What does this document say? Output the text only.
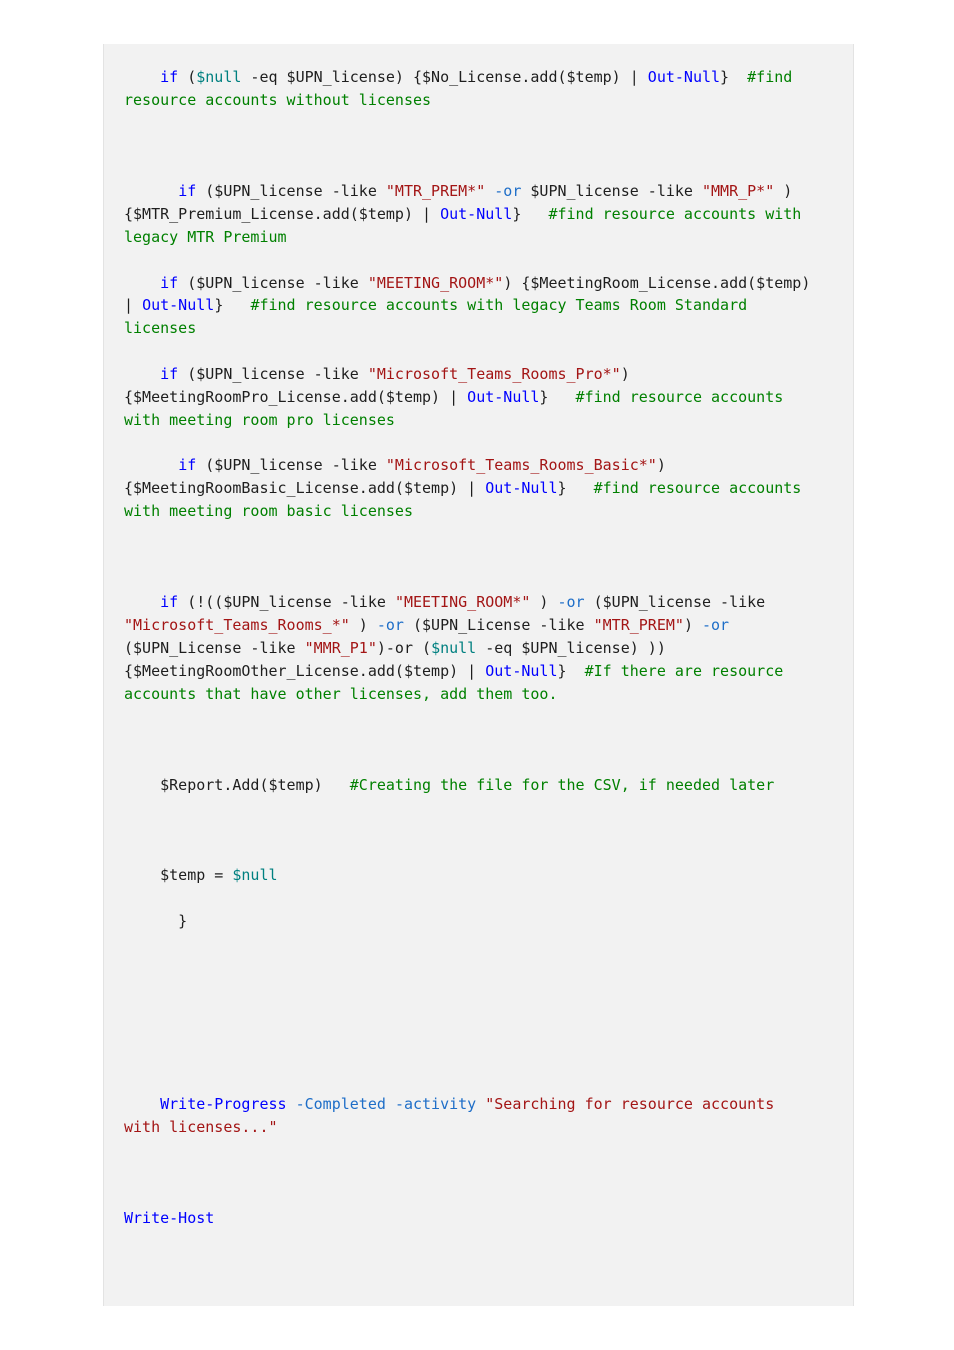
if ($null -eq $UPN_license) {$No_License.add($temp) | Out-Null}  #find
resource accounts without licenses
if ($UPN_license -like "MTR_PREM*" -or $UPN_license -like "MMR_P*" )
{$MTR_Premium_License.add($temp) | Out-Null}   #find resource accounts with
legacy MTR Premium
if ($UPN_license -like "MEETING_ROOM*") {$MeetingRoom_License.add($temp)
| Out-Null}   #find resource accounts with legacy Teams Room Standard
licenses
if ($UPN_license -like "Microsoft_Teams_Rooms_Pro*")
{$MeetingRoomPro_License.add($temp) | Out-Null}   #find resource accounts
with meeting room pro licenses
if ($UPN_license -like "Microsoft_Teams_Rooms_Basic*")
{$MeetingRoomBasic_License.add($temp) | Out-Null}   #find resource accounts
with meeting room basic licenses
if (!(($UPN_license -like "MEETING_ROOM*" ) -or ($UPN_license -like
"Microsoft_Teams_Rooms_*" ) -or ($UPN_License -like "MTR_PREM") -or
($UPN_License -like "MMR_P1")-or ($null -eq $UPN_license) ))
{$MeetingRoomOther_License.add($temp) | Out-Null}  #If there are resource
accounts that have other licenses, add them too.
$Report.Add($temp)   #Creating the file for the CSV, if needed later
$temp = $null
}
Write-Progress -Completed -activity "Searching for resource accounts
with licenses..."
Write-Host
